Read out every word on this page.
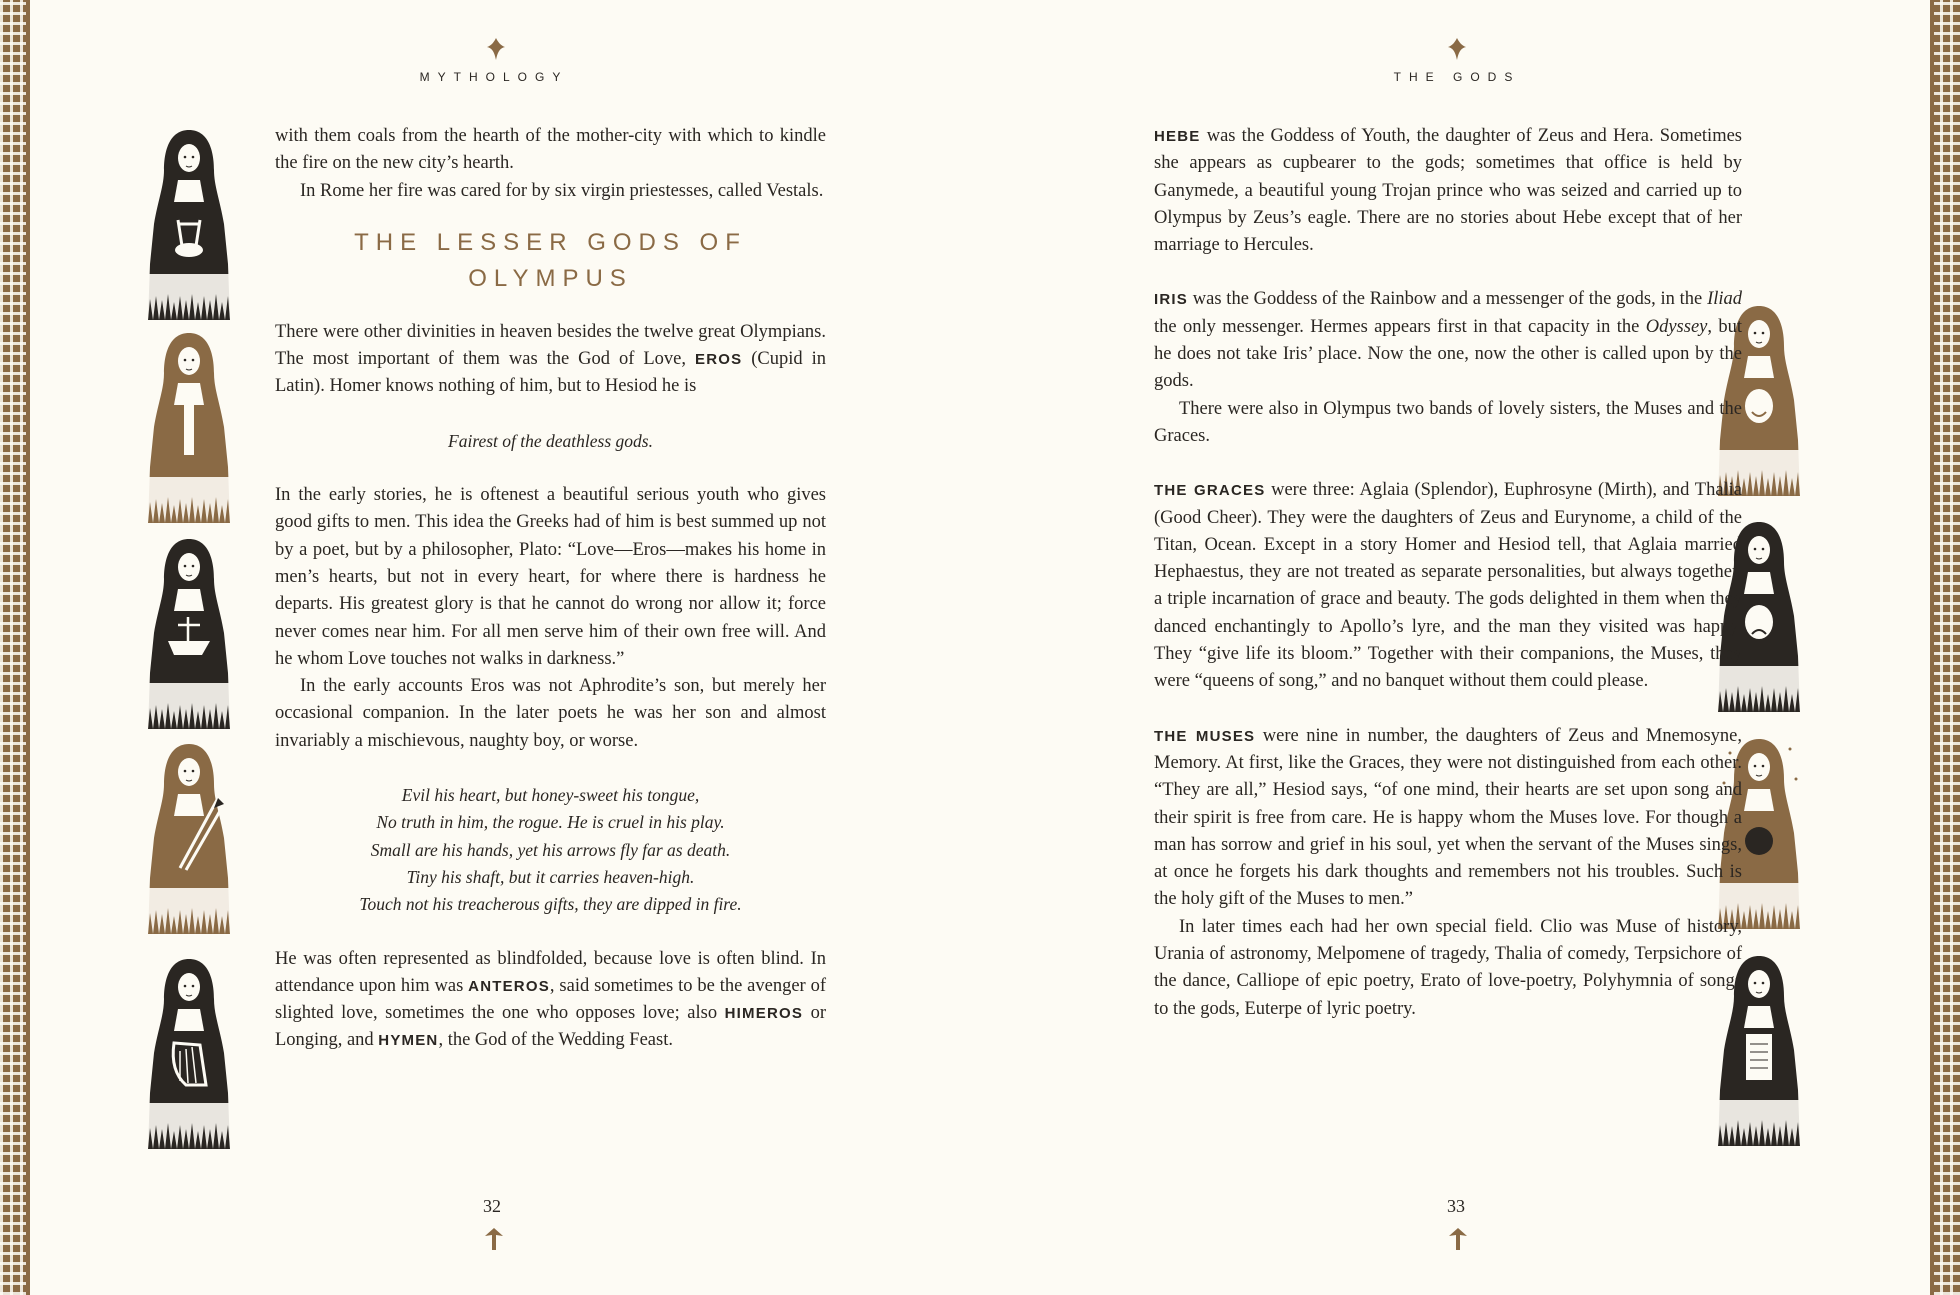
MYTHOLOGY

with them coals from the hearth of the mother-city with which to kindle the fire on the new city’s hearth.

In Rome her fire was cared for by six virgin priestesses, called Vestals.

THE LESSER GODS OF
OLYMPUS

There were other divinities in heaven besides the twelve great Olympians. The most important of them was the God of Love, EROS (Cupid in Latin). Homer knows nothing of him, but to Hesiod he is

Fairest of the deathless gods.

In the early stories, he is oftenest a beautiful serious youth who gives good gifts to men. This idea the Greeks had of him is best summed up not by a poet, but by a philosopher, Plato: “Love—Eros—makes his home in men’s hearts, but not in every heart, for where there is hardness he departs. His greatest glory is that he cannot do wrong nor allow it; force never comes near him. For all men serve him of their own free will. And he whom Love touches not walks in darkness.”

In the early accounts Eros was not Aphrodite’s son, but merely her occasional companion. In the later poets he was her son and almost invariably a mischievous, naughty boy, or worse.

Evil his heart, but honey-sweet his tongue,

No truth in him, the rogue. He is cruel in his play.

Small are his hands, yet his arrows fly far as death.

Tiny his shaft, but it carries heaven-high.

Touch not his treacherous gifts, they are dipped in fire.

He was often represented as blindfolded, because love is often blind. In attendance upon him was ANTEROS, said sometimes to be the avenger of slighted love, sometimes the one who opposes love; also HIMEROS or Longing, and HYMEN, the God of the Wedding Feast.

32
THE GODS

HEBE was the Goddess of Youth, the daughter of Zeus and Hera. Sometimes she appears as cupbearer to the gods; sometimes that office is held by Ganymede, a beautiful young Trojan prince who was seized and carried up to Olympus by Zeus’s eagle. There are no stories about Hebe except that of her marriage to Hercules.

IRIS was the Goddess of the Rainbow and a messenger of the gods, in the Iliad the only messenger. Hermes appears first in that capacity in the Odyssey, but he does not take Iris’ place. Now the one, now the other is called upon by the gods.

There were also in Olympus two bands of lovely sisters, the Muses and the Graces.

THE GRACES were three: Aglaia (Splendor), Euphrosyne (Mirth), and Thalia (Good Cheer). They were the daughters of Zeus and Eurynome, a child of the Titan, Ocean. Except in a story Homer and Hesiod tell, that Aglaia married Hephaestus, they are not treated as separate personalities, but always together, a triple incarnation of grace and beauty. The gods delighted in them when they danced enchantingly to Apollo’s lyre, and the man they visited was happy. They “give life its bloom.” Together with their companions, the Muses, they were “queens of song,” and no banquet without them could please.

THE MUSES were nine in number, the daughters of Zeus and Mnemosyne, Memory. At first, like the Graces, they were not distinguished from each other. “They are all,” Hesiod says, “of one mind, their hearts are set upon song and their spirit is free from care. He is happy whom the Muses love. For though a man has sorrow and grief in his soul, yet when the servant of the Muses sings, at once he forgets his dark thoughts and remembers not his troubles. Such is the holy gift of the Muses to men.”

In later times each had her own special field. Clio was Muse of history, Urania of astronomy, Melpomene of tragedy, Thalia of comedy, Terpsichore of the dance, Calliope of epic poetry, Erato of love-poetry, Polyhymnia of songs to the gods, Euterpe of lyric poetry.

33
